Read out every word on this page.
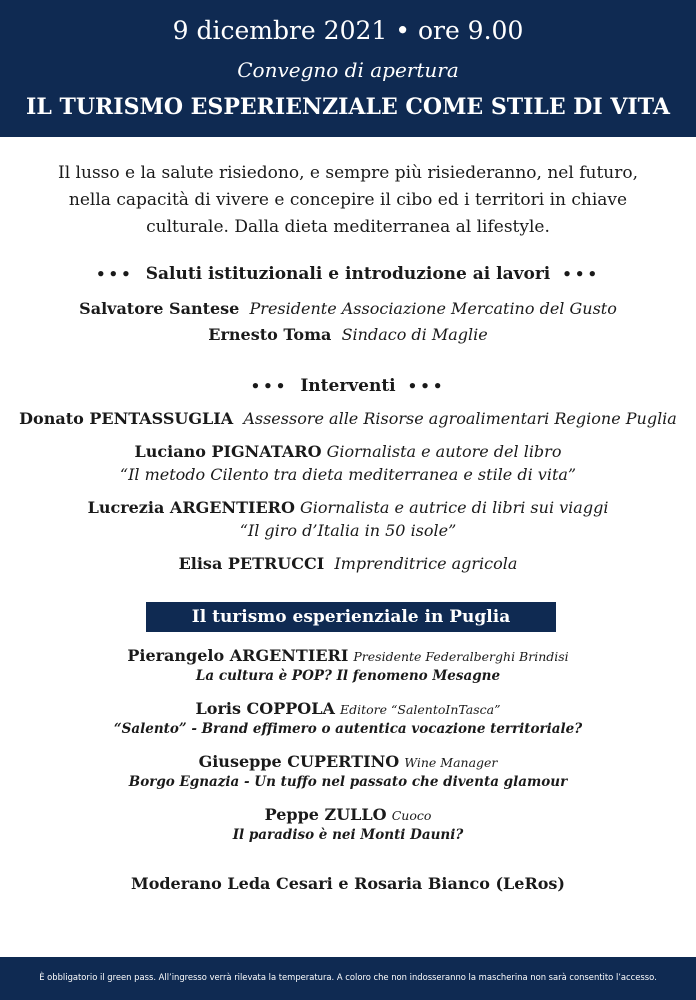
9 dicembre 2021 • ore 9.00
Convegno di apertura
IL TURISMO ESPERIENZIALE COME STILE DI VITA
Il lusso e la salute risiedono, e sempre più risiederanno, nel futuro,
nella capacità di vivere e concepire il cibo ed i territori in chiave
culturale. Dalla dieta mediterranea al lifestyle.
••• Saluti istituzionali e introduzione ai lavori •••
Salvatore Santese Presidente Associazione Mercatino del Gusto
Ernesto Toma Sindaco di Maglie
••• Interventi •••
Donato PENTASSUGLIA Assessore alle Risorse agroalimentari Regione Puglia
Luciano PIGNATARO Giornalista e autore del libro
“Il metodo Cilento tra dieta mediterranea e stile di vita”
Lucrezia ARGENTIERO Giornalista e autrice di libri sui viaggi
“Il giro d’Italia in 50 isole”
Elisa PETRUCCI Imprenditrice agricola
Il turismo esperienziale in Puglia
Pierangelo ARGENTIERI Presidente Federalberghi Brindisi
La cultura è POP? Il fenomeno Mesagne
Loris COPPOLA Editore “SalentoInTasca”
“Salento” - Brand effimero o autentica vocazione territoriale?
Giuseppe CUPERTINO Wine Manager
Borgo Egnazia - Un tuffo nel passato che diventa glamour
Peppe ZULLO Cuoco
Il paradiso è nei Monti Dauni?
Moderano Leda Cesari e Rosaria Bianco (LeRos)
È obbligatorio il green pass. All’ingresso verrà rilevata la temperatura. A coloro che non indosseranno la mascherina non sarà consentito l’accesso.
